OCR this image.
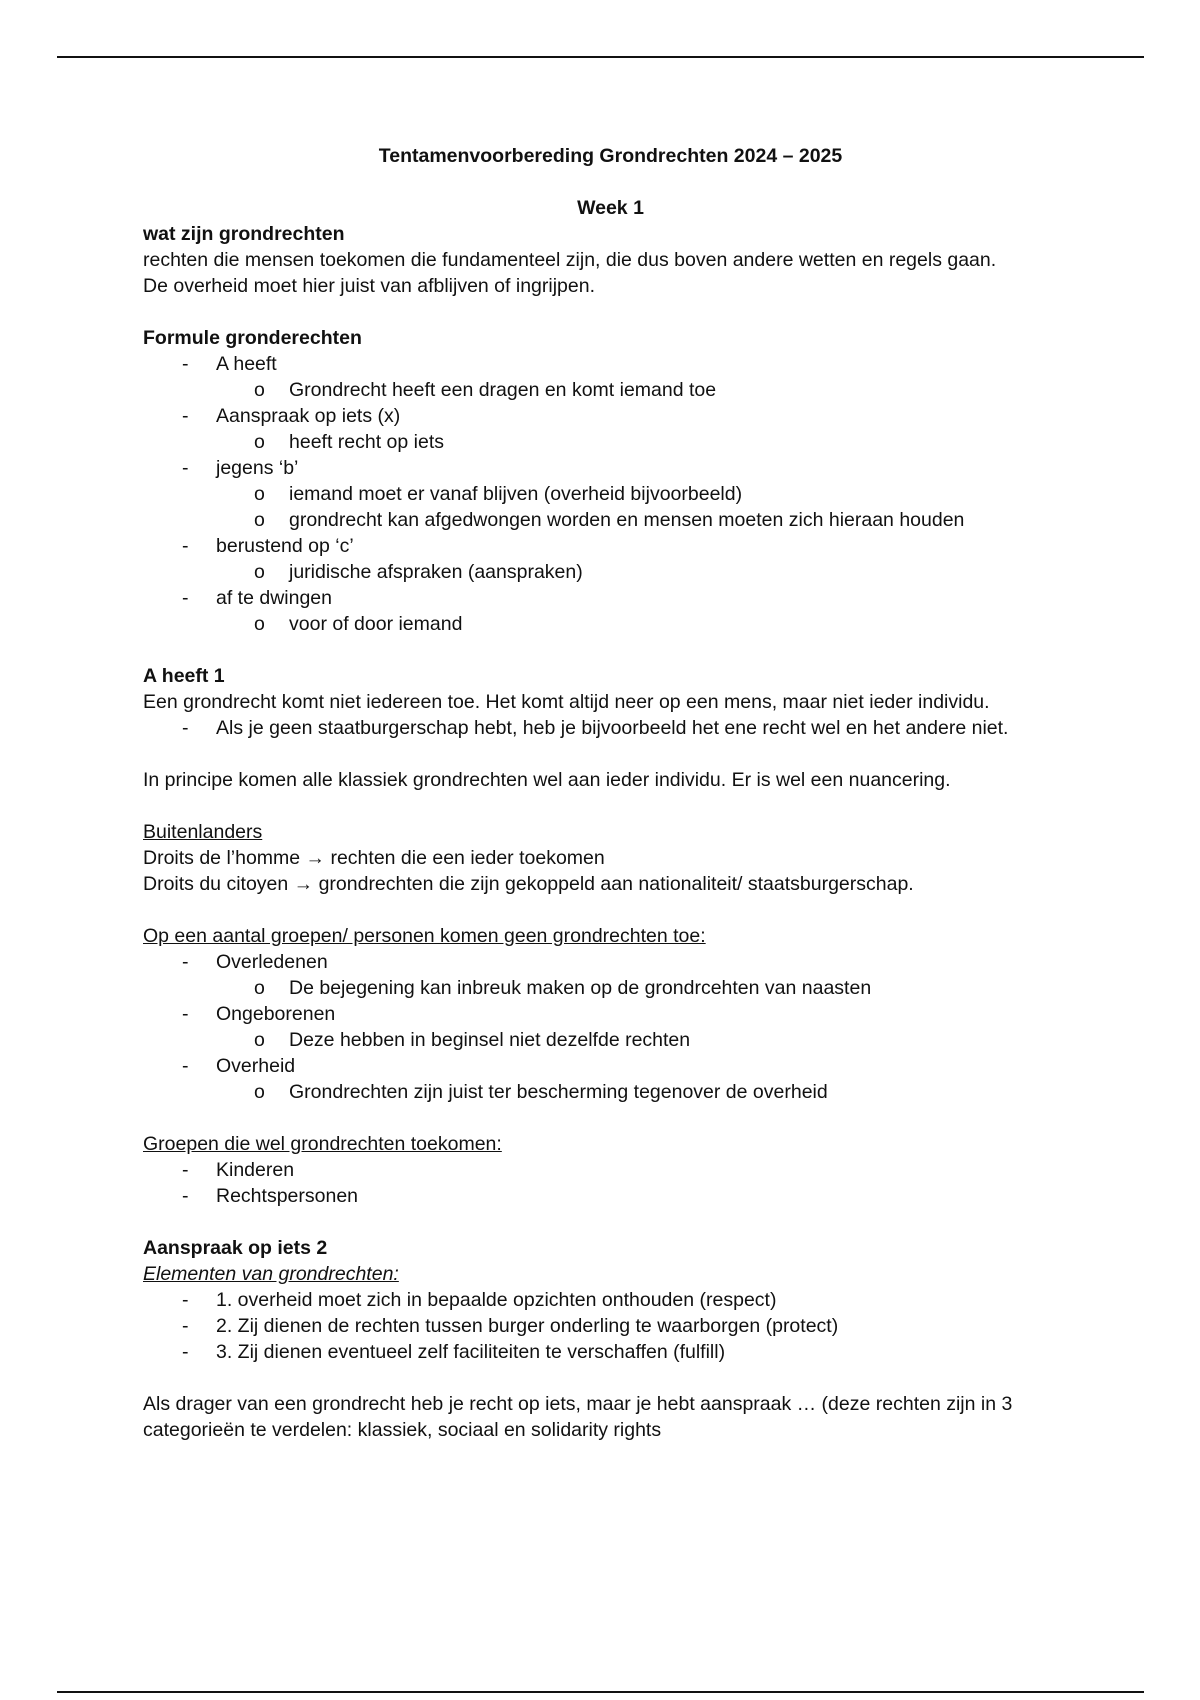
Tentamenvoorbereding Grondrechten 2024 – 2025

Week 1

wat zijn grondrechten

rechten die mensen toekomen die fundamenteel zijn, die dus boven andere wetten en regels gaan.

De overheid moet hier juist van afblijven of ingrijpen.

Formule gronderechten

- A heeft
o Grondrecht heeft een dragen en komt iemand toe
- Aanspraak op iets (x)
o heeft recht op iets
- jegens ‘b’
o iemand moet er vanaf blijven (overheid bijvoorbeeld)
o grondrecht kan afgedwongen worden en mensen moeten zich hieraan houden
- berustend op ‘c’
o juridische afspraken (aanspraken)
- af te dwingen
o voor of door iemand

A heeft 1

Een grondrecht komt niet iedereen toe. Het komt altijd neer op een mens, maar niet ieder individu.

- Als je geen staatburgerschap hebt, heb je bijvoorbeeld het ene recht wel en het andere niet.

In principe komen alle klassiek grondrechten wel aan ieder individu. Er is wel een nuancering.

Buitenlanders

Droits de l’homme → rechten die een ieder toekomen

Droits du citoyen → grondrechten die zijn gekoppeld aan nationaliteit/ staatsburgerschap.

Op een aantal groepen/ personen komen geen grondrechten toe:

- Overledenen
o De bejegening kan inbreuk maken op de grondrcehten van naasten
- Ongeborenen
o Deze hebben in beginsel niet dezelfde rechten
- Overheid
o Grondrechten zijn juist ter bescherming tegenover de overheid

Groepen die wel grondrechten toekomen:

- Kinderen
- Rechtspersonen

Aanspraak op iets 2

Elementen van grondrechten:

- 1. overheid moet zich in bepaalde opzichten onthouden (respect)
- 2. Zij dienen de rechten tussen burger onderling te waarborgen (protect)
- 3. Zij dienen eventueel zelf faciliteiten te verschaffen (fulfill)

Als drager van een grondrecht heb je recht op iets, maar je hebt aanspraak … (deze rechten zijn in 3 categorieën te verdelen: klassiek, sociaal en solidarity rights
